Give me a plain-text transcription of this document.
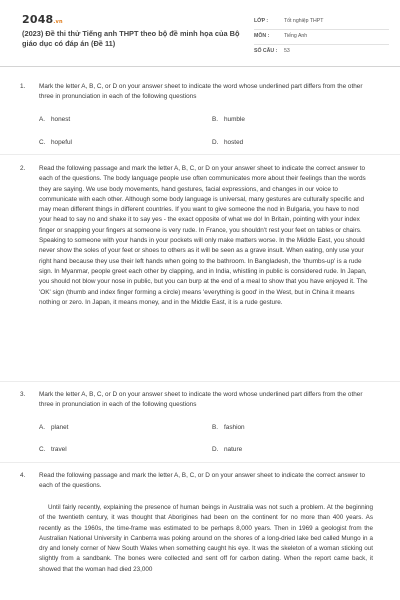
2048.vn
(2023) Đề thi thử Tiếng anh THPT theo bộ đề minh họa của Bộ giáo dục có đáp án (Đề 11)
LỚP :	Tốt nghiệp THPT
MÔN :	Tiếng Anh
SỐ CÂU : 53
1. Mark the letter A, B, C, or D on your answer sheet to indicate the word whose underlined part differs from the other three in pronunciation in each of the following questions
A. honest	B. humble
C. hopeful	D. hosted
2. Read the following passage and mark the letter A, B, C, or D on your answer sheet to indicate the correct answer to each of the questions. The body language people use often communicates more about their feelings than the words they are saying. We use body movements, hand gestures, facial expressions, and changes in our voice to communicate with each other. Although some body language is universal, many gestures are culturally specific and may mean different things in different countries. If you want to give someone the nod in Bulgaria, you have to nod your head to say no and shake it to say yes - the exact opposite of what we do! In Britain, pointing with your index finger or snapping your fingers at someone is very rude. In France, you shouldn't rest your feet on tables or chairs. Speaking to someone with your hands in your pockets will only make matters worse. In the Middle East, you should never show the soles of your feet or shoes to others as it will be seen as a grave insult. When eating, only use your right hand because they use their left hands when going to the bathroom. In Bangladesh, the 'thumbs-up' is a rude sign. In Myanmar, people greet each other by clapping, and in India, whistling in public is considered rude. In Japan, you should not blow your nose in public, but you can burp at the end of a meal to show that you have enjoyed it. The 'OK' sign (thumb and index finger forming a circle) means 'everything is good' in the West, but in China it means nothing or zero. In Japan, it means money, and in the Middle East, it is a rude gesture.
3. Mark the letter A, B, C, or D on your answer sheet to indicate the word whose underlined part differs from the other three in pronunciation in each of the following questions
A. planet	B. fashion
C. travel	D. nature
4. Read the following passage and mark the letter A, B, C, or D on your answer sheet to indicate the correct answer to each of the questions.
Until fairly recently, explaining the presence of human beings in Australia was not such a problem. At the beginning of the twentieth century, it was thought that Aborigines had been on the continent for no more than 400 years. As recently as the 1960s, the time-frame was estimated to be perhaps 8,000 years. Then in 1969 a geologist from the Australian National University in Canberra was poking around on the shores of a long-dried lake bed called Mungo in a dry and lonely corner of New South Wales when something caught his eye. It was the skeleton of a woman sticking out slightly from a sandbank. The bones were collected and sent off for carbon dating. When the report came back, it showed that the woman had died 23,000
